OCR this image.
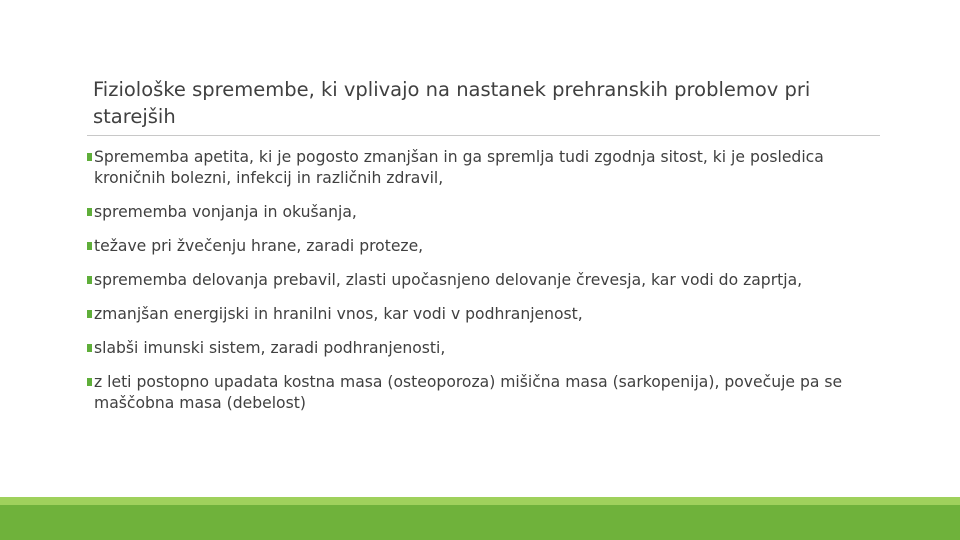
Fiziološke spremembe, ki vplivajo na nastanek prehranskih problemov pri starejših
Sprememba apetita, ki je pogosto zmanjšan in ga spremlja tudi zgodnja sitost, ki je posledica kroničnih bolezni, infekcij in različnih zdravil,
sprememba vonjanja in okušanja,
težave pri žvečenju hrane, zaradi proteze,
sprememba delovanja prebavil, zlasti upočasnjeno delovanje črevesja, kar vodi do zaprtja,
zmanjšan energijski in hranilni vnos, kar vodi v podhranjenost,
slabši imunski sistem, zaradi podhranjenosti,
z leti postopno upadata kostna masa (osteoporoza) mišična masa (sarkopenija), povečuje pa se maščobna masa (debelost)
